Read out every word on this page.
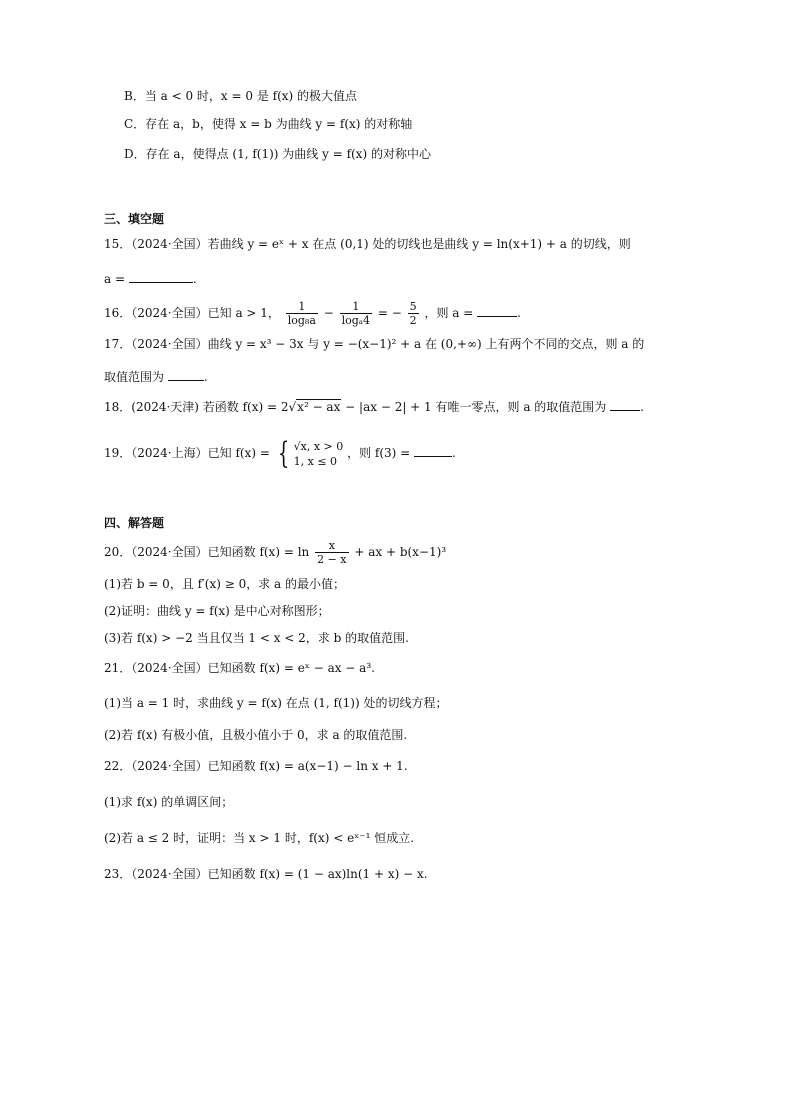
B．当 a < 0 时，x = 0 是 f(x) 的极大值点
C．存在 a，b，使得 x = b 为曲线 y = f(x) 的对称轴
D．存在 a，使得点 (1, f(1)) 为曲线 y = f(x) 的对称中心
三、填空题
15．（2024·全国）若曲线 y = eˣ + x 在点 (0,1) 处的切线也是曲线 y = ln(x+1) + a 的切线，则
a =	.
16．（2024·全国）已知 a > 1， $\frac{1}{\text{log₈a}} - \frac{1}{\text{logₐ4}}$ = − $\frac{5}{2}$ ，则 a =	.
17．（2024·全国）曲线 y = x³ − 3x 与 y = −(x−1)² + a 在 (0,+∞) 上有两个不同的交点，则 a 的
取值范围为	.
18．(2024·天津) 若函数 f(x) = 2√x² − ax − |ax − 2| + 1 有唯一零点，则 a 的取值范围为	.
19．（2024·上海）已知 f(x) = { √x, x > 0
1, x ≤ 0
，则 f(3) =	.
四、解答题
20．（2024·全国）已知函数 $f(x) = \ln \frac{x}{2 - x}$ + ax + b(x−1)³
(1)若 b = 0，且 f′(x) ≥ 0，求 a 的最小值；
(2)证明：曲线 y = f(x) 是中心对称图形；
(3)若 f(x) > −2 当且仅当 1 < x < 2，求 b 的取值范围.
21．（2024·全国）已知函数 f(x) = eˣ − ax − a³.
(1)当 a = 1 时，求曲线 y = f(x) 在点 (1, f(1)) 处的切线方程；
(2)若 f(x) 有极小值，且极小值小于 0，求 a 的取值范围.
22．（2024·全国）已知函数 f(x) = a(x−1) − ln x + 1.
(1)求 f(x) 的单调区间；
(2)若 a ≤ 2 时，证明：当 x > 1 时，f(x) < eˣ⁻¹ 恒成立.
23．（2024·全国）已知函数 f(x) = (1 − ax)ln(1 + x) − x.
